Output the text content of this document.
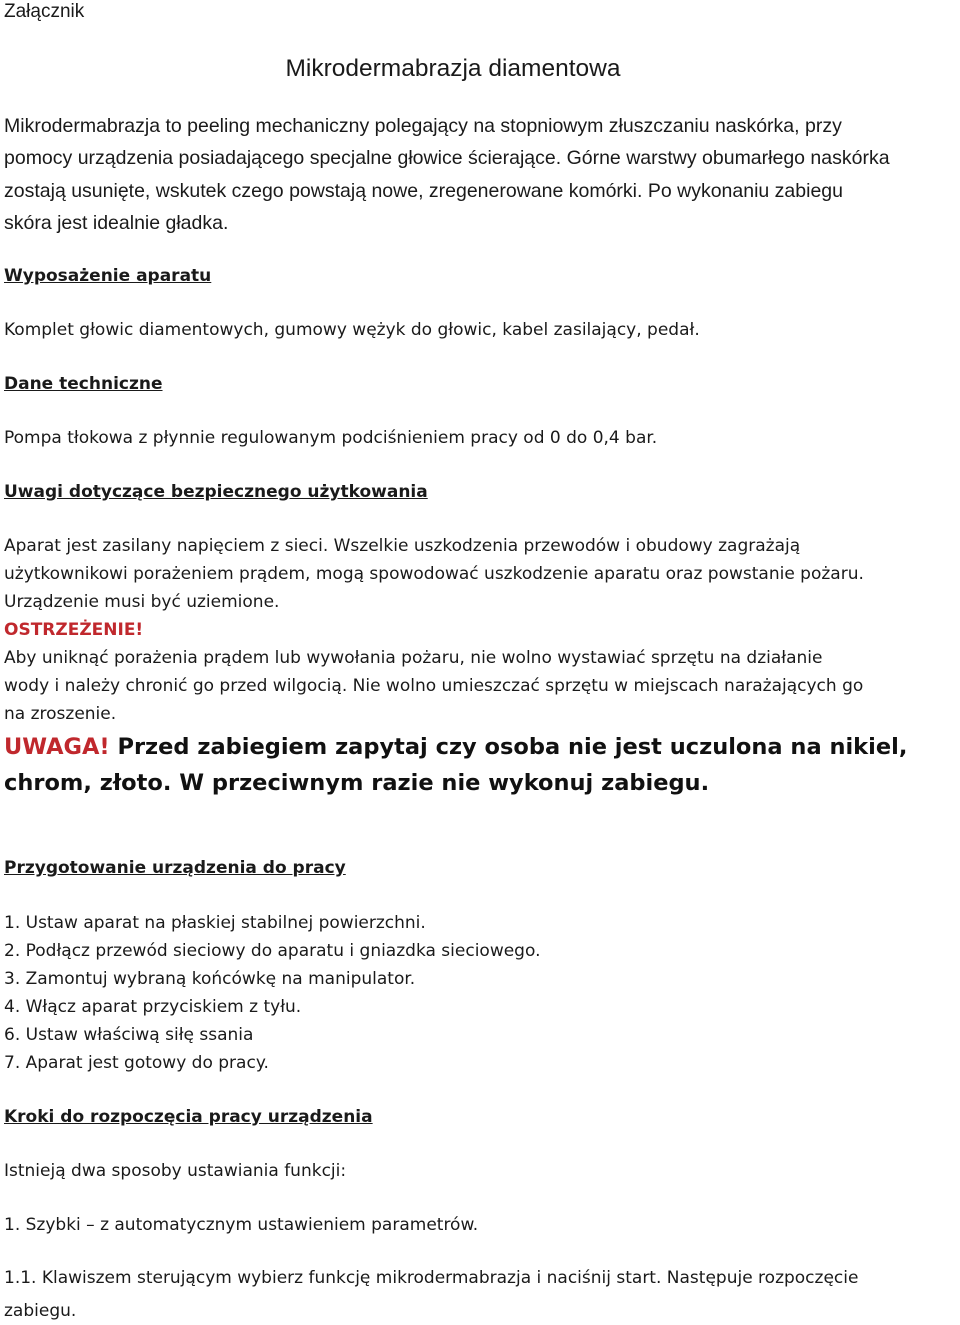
Załącznik
Mikrodermabrazja diamentowa
Mikrodermabrazja to peeling mechaniczny polegający na stopniowym złuszczaniu naskórka, przy
pomocy urządzenia posiadającego specjalne głowice ścierające. Górne warstwy obumarłego naskórka
zostają usunięte, wskutek czego powstają nowe, zregenerowane komórki. Po wykonaniu zabiegu
skóra jest idealnie gładka.
Wyposażenie aparatu
Komplet głowic diamentowych, gumowy wężyk do głowic, kabel zasilający, pedał.
Dane techniczne
Pompa tłokowa z płynnie regulowanym podciśnieniem pracy od 0 do 0,4 bar.
Uwagi dotyczące bezpiecznego użytkowania
Aparat jest zasilany napięciem z sieci. Wszelkie uszkodzenia przewodów i obudowy zagrażają
użytkownikowi porażeniem prądem, mogą spowodować uszkodzenie aparatu oraz powstanie pożaru.
Urządzenie musi być uziemione.
OSTRZEŻENIE!
Aby uniknąć porażenia prądem lub wywołania pożaru, nie wolno wystawiać sprzętu na działanie
wody i należy chronić go przed wilgocią. Nie wolno umieszczać sprzętu w miejscach narażających go
na zroszenie.
UWAGA! Przed zabiegiem zapytaj czy osoba nie jest uczulona na nikiel,
chrom, złoto. W przeciwnym razie nie wykonuj zabiegu.
Przygotowanie urządzenia do pracy
1. Ustaw aparat na płaskiej stabilnej powierzchni.
2. Podłącz przewód sieciowy do aparatu i gniazdka sieciowego.
3. Zamontuj wybraną końcówkę na manipulator.
4. Włącz aparat przyciskiem z tyłu.
6. Ustaw właściwą siłę ssania
7. Aparat jest gotowy do pracy.
Kroki do rozpoczęcia pracy urządzenia
Istnieją dwa sposoby ustawiania funkcji:
1. Szybki – z automatycznym ustawieniem parametrów.
1.1. Klawiszem sterującym wybierz funkcję mikrodermabrazja i naciśnij start. Następuje rozpoczęcie
zabiegu.
